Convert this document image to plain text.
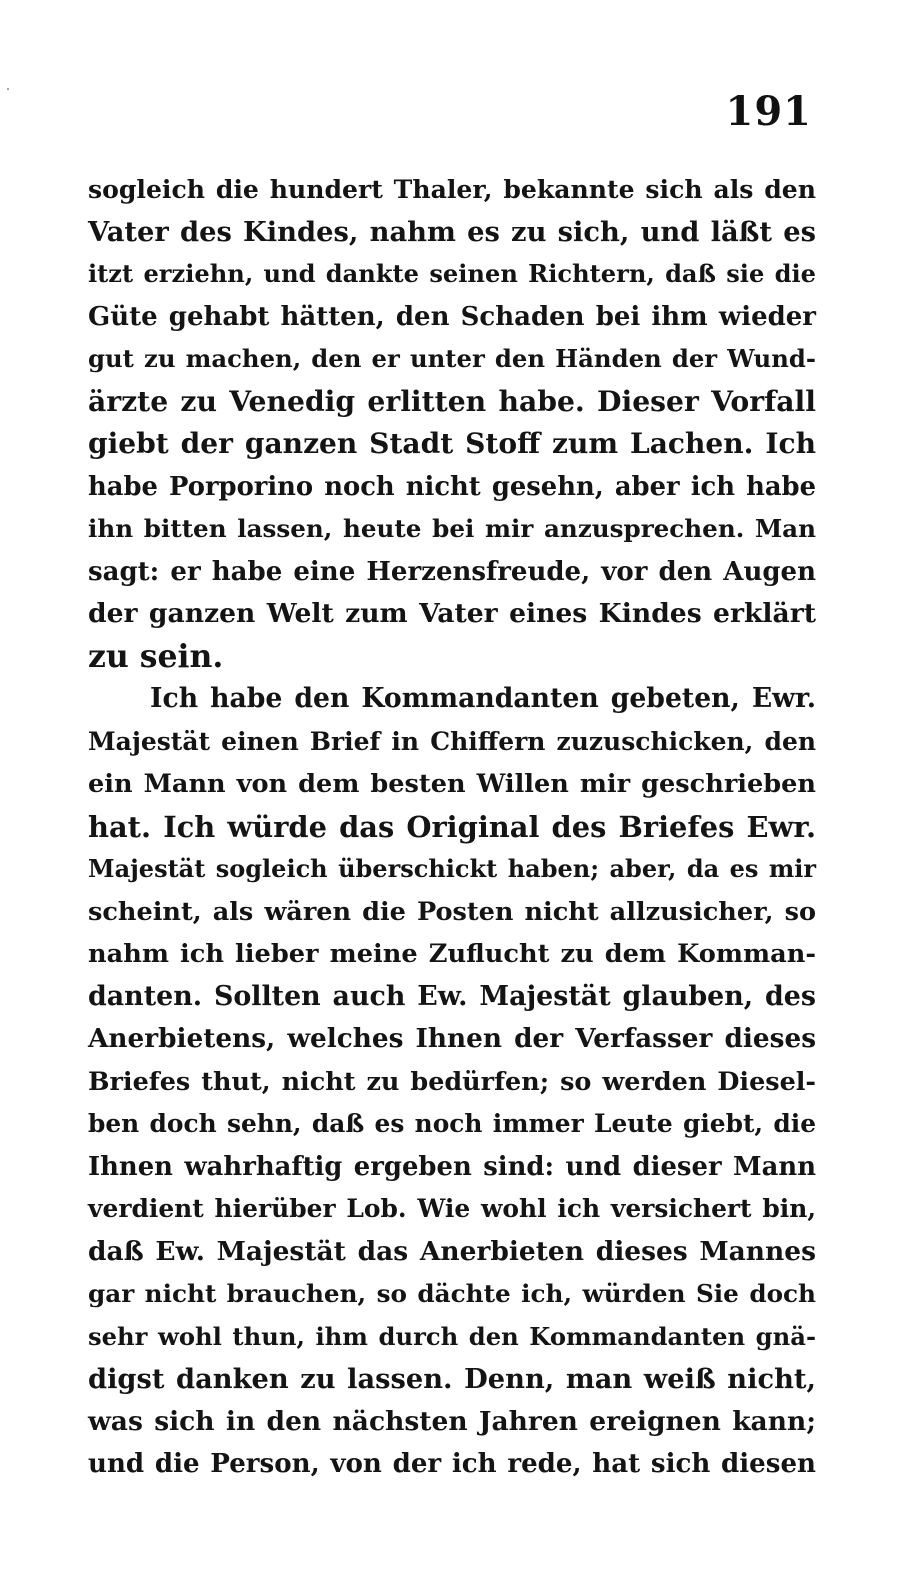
191
sogleich die hundert Thaler, bekannte sich als den
Vater des Kindes, nahm es zu sich, und läßt es
itzt erziehn, und dankte seinen Richtern, daß sie die
Güte gehabt hätten, den Schaden bei ihm wieder
gut zu machen, den er unter den Händen der Wund-
ärzte zu Venedig erlitten habe. Dieser Vorfall
giebt der ganzen Stadt Stoff zum Lachen. Ich
habe Porporino noch nicht gesehn, aber ich habe
ihn bitten lassen, heute bei mir anzusprechen. Man
sagt: er habe eine Herzensfreude, vor den Augen
der ganzen Welt zum Vater eines Kindes erklärt
zu sein.
Ich habe den Kommandanten gebeten, Ewr.
Majestät einen Brief in Chiffern zuzuschicken, den
ein Mann von dem besten Willen mir geschrieben
hat. Ich würde das Original des Briefes Ewr.
Majestät sogleich überschickt haben; aber, da es mir
scheint, als wären die Posten nicht allzusicher, so
nahm ich lieber meine Zuflucht zu dem Komman-
danten. Sollten auch Ew. Majestät glauben, des
Anerbietens, welches Ihnen der Verfasser dieses
Briefes thut, nicht zu bedürfen; so werden Diesel-
ben doch sehn, daß es noch immer Leute giebt, die
Ihnen wahrhaftig ergeben sind: und dieser Mann
verdient hierüber Lob. Wie wohl ich versichert bin,
daß Ew. Majestät das Anerbieten dieses Mannes
gar nicht brauchen, so dächte ich, würden Sie doch
sehr wohl thun, ihm durch den Kommandanten gnä-
digst danken zu lassen. Denn, man weiß nicht,
was sich in den nächsten Jahren ereignen kann;
und die Person, von der ich rede, hat sich diesen
